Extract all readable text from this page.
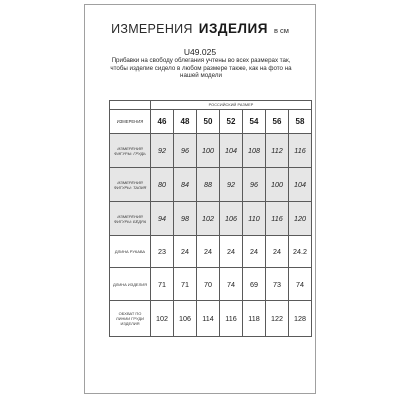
ИЗМЕРЕНИЯ ИЗДЕЛИЯ в см
U49.025
Прибавки на свободу облегания учтены во всех размерах так,
чтобы изделие сидело в любом размере также, как на фото на
нашей модели
	РОССИЙСКИЙ РАЗМЕР						
ИЗМЕРЕНИЯ	46	48	50	52	54	56	58

ИЗМЕРЕНИЯ
ФИГУРЫ: ГРУДЬ	92	96	100	104	108	112	116

ИЗМЕРЕНИЯ
ФИГУРЫ: ТАЛИЯ	80	84	88	92	96	100	104

ИЗМЕРЕНИЯ
ФИГУРЫ: БЁДРА	94	98	102	106	110	116	120

ДЛИНА РУКАВА	23	24	24	24	24	24	24.2

ДЛИНА ИЗДЕЛИЯ	71	71	70	74	69	73	74

ОБХВАТ ПО
ЛИНИИ ГРУДИ
ИЗДЕЛИЯ	102	106	114	116	118	122	128
